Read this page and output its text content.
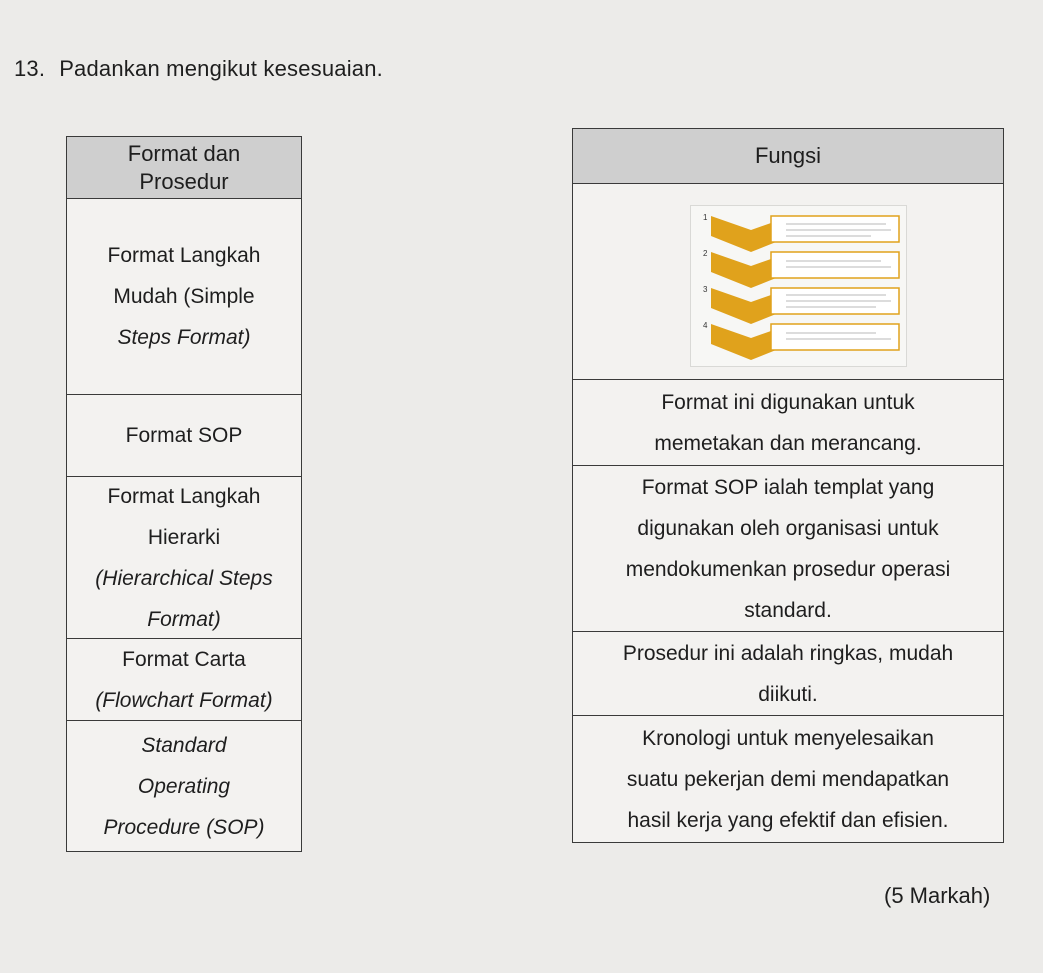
13. Padankan mengikut kesesuaian.
Format dan
Prosedur
Format Langkah
Mudah (Simple
Steps Format)
Format SOP
Format Langkah
Hierarki
(Hierarchical Steps
Format)
Format Carta
(Flowchart Format)
Standard
Operating
Procedure (SOP)
Fungsi
1
2
3
4
Format ini digunakan untuk
memetakan dan merancang.
Format SOP ialah templat yang
digunakan oleh organisasi untuk
mendokumenkan prosedur operasi
standard.
Prosedur ini adalah ringkas, mudah
diikuti.
Kronologi untuk menyelesaikan
suatu pekerjan demi mendapatkan
hasil kerja yang efektif dan efisien.
(5 Markah)
